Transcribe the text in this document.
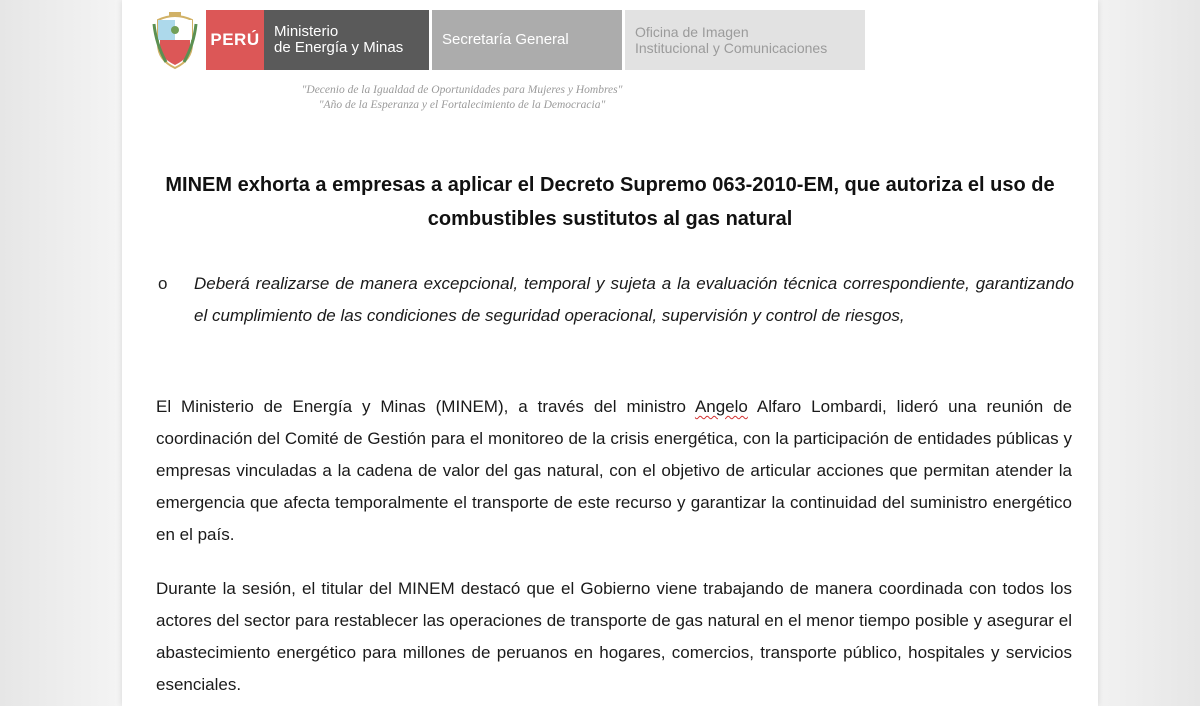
PERÚ Ministerio
de Energía y Minas	Secretaría General	Oficina de Imagen
Institucional y Comunicaciones
"Decenio de la Igualdad de Oportunidades para Mujeres y Hombres"
"Año de la Esperanza y el Fortalecimiento de la Democracia"
MINEM exhorta a empresas a aplicar el Decreto Supremo 063-2010-EM, que autoriza el uso de combustibles sustitutos al gas natural
o Deberá realizarse de manera excepcional, temporal y sujeta a la evaluación técnica correspondiente, garantizando el cumplimiento de las condiciones de seguridad operacional, supervisión y control de riesgos,
El Ministerio de Energía y Minas (MINEM), a través del ministro Angelo Alfaro Lombardi, lideró una reunión de coordinación del Comité de Gestión para el monitoreo de la crisis energética, con la participación de entidades públicas y empresas vinculadas a la cadena de valor del gas natural, con el objetivo de articular acciones que permitan atender la emergencia que afecta temporalmente el transporte de este recurso y garantizar la continuidad del suministro energético en el país.
Durante la sesión, el titular del MINEM destacó que el Gobierno viene trabajando de manera coordinada con todos los actores del sector para restablecer las operaciones de transporte de gas natural en el menor tiempo posible y asegurar el abastecimiento energético para millones de peruanos en hogares, comercios, transporte público, hospitales y servicios esenciales.
